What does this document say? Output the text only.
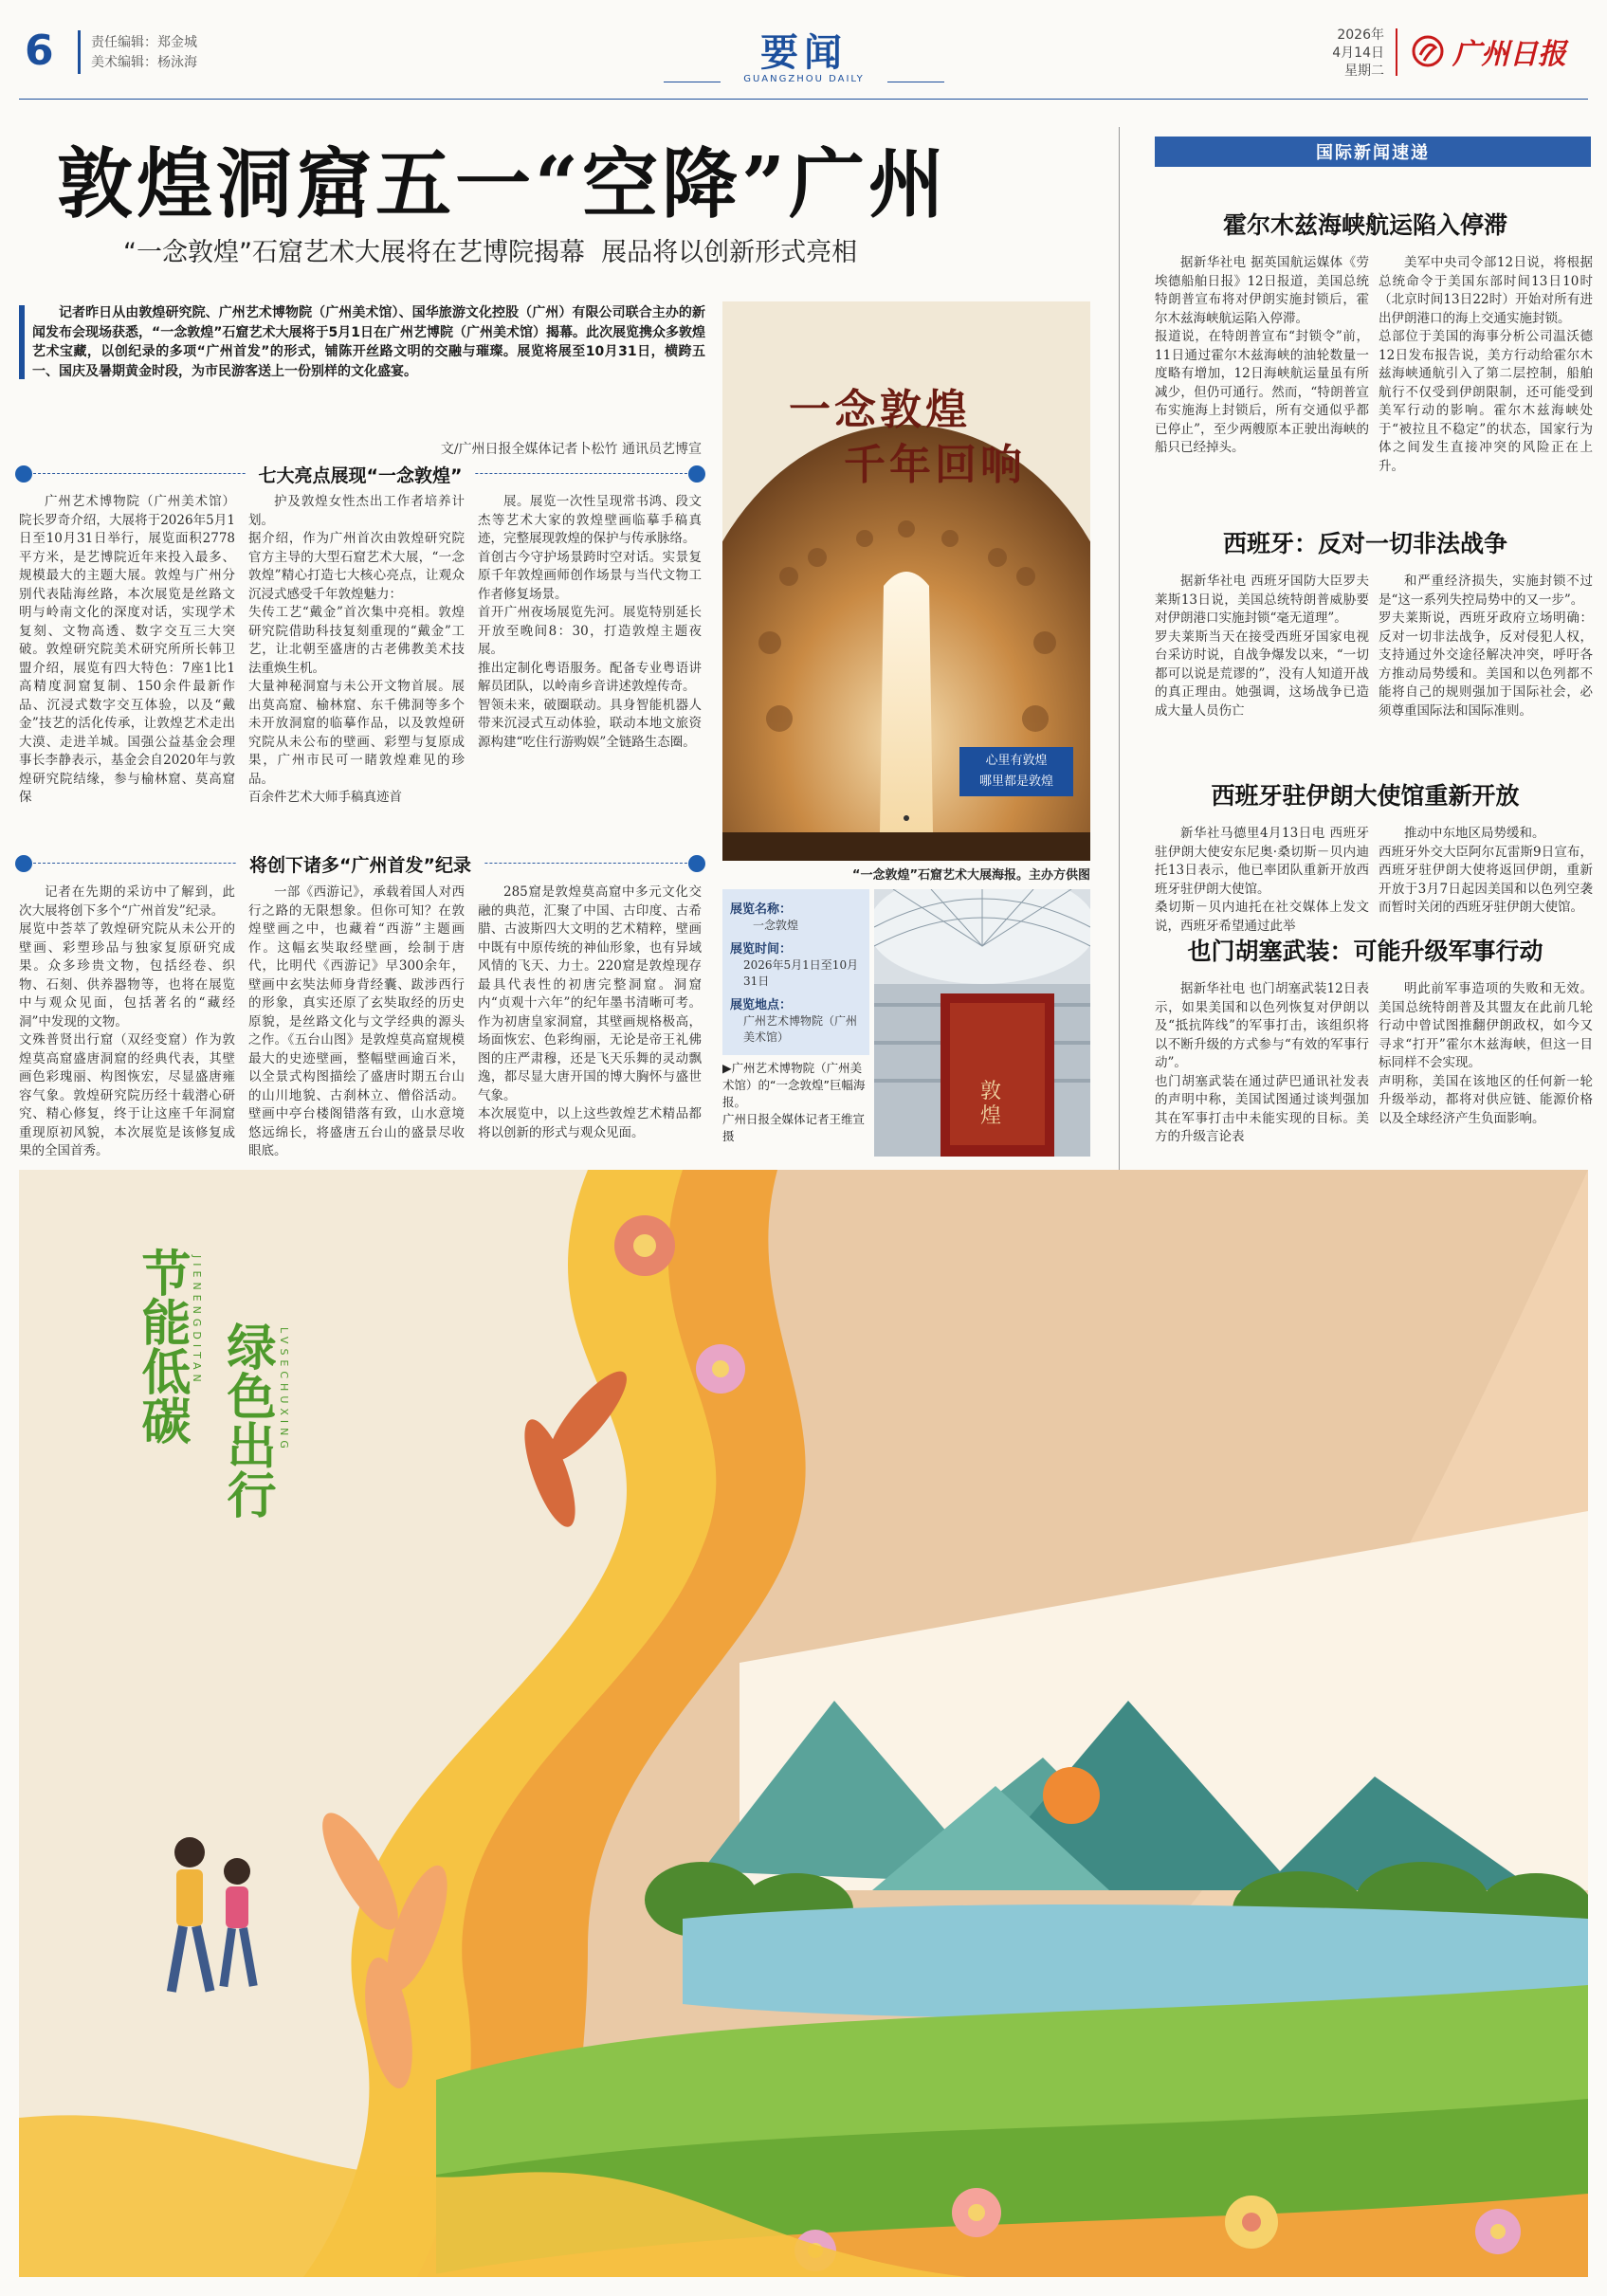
6	责任编辑：郑金城
美术编辑：杨泳海	要闻
GUANGZHOU DAILY
2026年
4月14日
星期二 广州日报
敦煌洞窟五一“空降”广州
“一念敦煌”石窟艺术大展将在艺博院揭幕  展品将以创新形式亮相
记者昨日从由敦煌研究院、广州艺术博物院（广州美术馆）、国华旅游文化控股（广州）有限公司联合主办的新闻发布会现场获悉，“一念敦煌”石窟艺术大展将于5月1日在广州艺博院（广州美术馆）揭幕。此次展览携众多敦煌艺术宝藏，以创纪录的多项“广州首发”的形式，铺陈开丝路文明的交融与璀璨。展览将展至10月31日，横跨五一、国庆及暑期黄金时段，为市民游客送上一份别样的文化盛宴。
文/广州日报全媒体记者卜松竹 通讯员艺博宣
七大亮点展现“一念敦煌”

广州艺术博物院（广州美术馆）院长罗奇介绍，大展将于2026年5月1日至10月31日举行，展览面积2778平方米，是艺博院近年来投入最多、规模最大的主题大展。敦煌与广州分别代表陆海丝路，本次展览是丝路文明与岭南文化的深度对话，实现学术复刻、文物高透、数字交互三大突破。敦煌研究院美术研究所所长韩卫盟介绍，展览有四大特色：7座1比1高精度洞窟复制、150余件最新作品、沉浸式数字交互体验，以及“戴金”技艺的活化传承，让敦煌艺术走出大漠、走进羊城。国强公益基金会理事长李静表示，基金会自2020年与敦煌研究院结缘，参与榆林窟、莫高窟保

护及敦煌女性杰出工作者培养计划。
据介绍，作为广州首次由敦煌研究院官方主导的大型石窟艺术大展，“一念敦煌”精心打造七大核心亮点，让观众沉浸式感受千年敦煌魅力：
失传工艺“戴金”首次集中亮相。敦煌研究院借助科技复刻重现的“戴金”工艺，让北朝至盛唐的古老佛教美术技法重焕生机。
大量神秘洞窟与未公开文物首展。展出莫高窟、榆林窟、东千佛洞等多个未开放洞窟的临摹作品，以及敦煌研究院从未公布的壁画、彩塑与复原成果，广州市民可一睹敦煌难见的珍品。
百余件艺术大师手稿真迹首

展。展览一次性呈现常书鸿、段文杰等艺术大家的敦煌壁画临摹手稿真迹，完整展现敦煌的保护与传承脉络。
首创古今守护场景跨时空对话。实景复原千年敦煌画师创作场景与当代文物工作者修复场景。
首开广州夜场展览先河。展览特别延长开放至晚间8：30，打造敦煌主题夜展。
推出定制化粤语服务。配备专业粤语讲解员团队，以岭南乡音讲述敦煌传奇。
智领未来，破圈联动。具身智能机器人带来沉浸式互动体验，联动本地文旅资源构建“吃住行游购娱”全链路生态圈。

将创下诸多“广州首发”纪录

记者在先期的采访中了解到，此次大展将创下多个“广州首发”纪录。
展览中荟萃了敦煌研究院从未公开的壁画、彩塑珍品与独家复原研究成果。众多珍贵文物，包括经卷、织物、石刻、供养器物等，也将在展览中与观众见面，包括著名的“藏经洞”中发现的文物。
文殊普贤出行窟（双经变窟）作为敦煌莫高窟盛唐洞窟的经典代表，其壁画色彩瑰丽、构图恢宏，尽显盛唐雍容气象。敦煌研究院历经十载潜心研究、精心修复，终于让这座千年洞窟重现原初风貌，本次展览是该修复成果的全国首秀。

一部《西游记》，承载着国人对西行之路的无限想象。但你可知？在敦煌壁画之中，也藏着“西游”主题画作。这幅玄奘取经壁画，绘制于唐代，比明代《西游记》早300余年，壁画中玄奘法师身背经囊、跋涉西行的形象，真实还原了玄奘取经的历史原貌，是丝路文化与文学经典的源头之作。《五台山图》是敦煌莫高窟规模最大的史迹壁画，整幅壁画逾百米，以全景式构图描绘了盛唐时期五台山的山川地貌、古刹林立、僧俗活动。壁画中亭台楼阁错落有致，山水意境悠远绵长，将盛唐五台山的盛景尽收眼底。

285窟是敦煌莫高窟中多元文化交融的典范，汇聚了中国、古印度、古希腊、古波斯四大文明的艺术精粹，壁画中既有中原传统的神仙形象，也有异域风情的飞天、力士。220窟是敦煌现存最具代表性的初唐完整洞窟。洞窟内“贞观十六年”的纪年墨书清晰可考。作为初唐皇家洞窟，其壁画规格极高，场面恢宏、色彩绚丽，无论是帝王礼佛图的庄严肃穆，还是飞天乐舞的灵动飘逸，都尽显大唐开国的博大胸怀与盛世气象。
本次展览中，以上这些敦煌艺术精品都将以创新的形式与观众见面。

一念敦煌
千年回响
心里有敦煌
哪里都是敦煌
“一念敦煌”石窟艺术大展海报。主办方供图
展览名称：
一念敦煌
展览时间：
2026年5月1日至10月31日
展览地点：
广州艺术博物院（广州美术馆）
▶广州艺术博物院（广州美术馆）的“一念敦煌”巨幅海报。
广州日报全媒体记者王维宣 摄
敦
煌
国际新闻速递
霍尔木兹海峡航运陷入停滞

据新华社电 据英国航运媒体《劳埃德船舶日报》12日报道，美国总统特朗普宣布将对伊朗实施封锁后，霍尔木兹海峡航运陷入停滞。
报道说，在特朗普宣布“封锁令”前，11日通过霍尔木兹海峡的油轮数量一度略有增加，12日海峡航运量虽有所减少，但仍可通行。然而，“特朗普宣布实施海上封锁后，所有交通似乎都已停止”，至少两艘原本正驶出海峡的船只已经掉头。

美军中央司令部12日说，将根据总统命令于美国东部时间13日10时（北京时间13日22时）开始对所有进出伊朗港口的海上交通实施封锁。
总部位于美国的海事分析公司温沃德12日发布报告说，美方行动给霍尔木兹海峡通航引入了第二层控制，船舶航行不仅受到伊朗限制，还可能受到美军行动的影响。霍尔木兹海峡处于“被拉且不稳定”的状态，国家行为体之间发生直接冲突的风险正在上升。

西班牙：反对一切非法战争

据新华社电 西班牙国防大臣罗夫莱斯13日说，美国总统特朗普威胁要对伊朗港口实施封锁“毫无道理”。
罗夫莱斯当天在接受西班牙国家电视台采访时说，自战争爆发以来，“一切都可以说是荒谬的”，没有人知道开战的真正理由。她强调，这场战争已造成大量人员伤亡

和严重经济损失，实施封锁不过是“这一系列失控局势中的又一步”。
罗夫莱斯说，西班牙政府立场明确：反对一切非法战争，反对侵犯人权，支持通过外交途径解决冲突，呼吁各方推动局势缓和。美国和以色列都不能将自己的规则强加于国际社会，必须尊重国际法和国际准则。

西班牙驻伊朗大使馆重新开放

新华社马德里4月13日电 西班牙驻伊朗大使安东尼奥·桑切斯－贝内迪托13日表示，他已率团队重新开放西班牙驻伊朗大使馆。
桑切斯－贝内迪托在社交媒体上发文说，西班牙希望通过此举

推动中东地区局势缓和。
西班牙外交大臣阿尔瓦雷斯9日宣布，西班牙驻伊朗大使将返回伊朗，重新开放于3月7日起因美国和以色列空袭而暂时关闭的西班牙驻伊朗大使馆。

也门胡塞武装：可能升级军事行动

据新华社电 也门胡塞武装12日表示，如果美国和以色列恢复对伊朗以及“抵抗阵线”的军事打击，该组织将以不断升级的方式参与“有效的军事行动”。
也门胡塞武装在通过萨巴通讯社发表的声明中称，美国试图通过谈判强加其在军事打击中未能实现的目标。美方的升级言论表

明此前军事造项的失败和无效。美国总统特朗普及其盟友在此前几轮行动中曾试图推翻伊朗政权，如今又寻求“打开”霍尔木兹海峡，但这一目标同样不会实现。
声明称，美国在该地区的任何新一轮升级举动，都将对供应链、能源价格以及全球经济产生负面影响。

节能低碳 JIENENGDITAN
绿色出行 LVSECHUXING
